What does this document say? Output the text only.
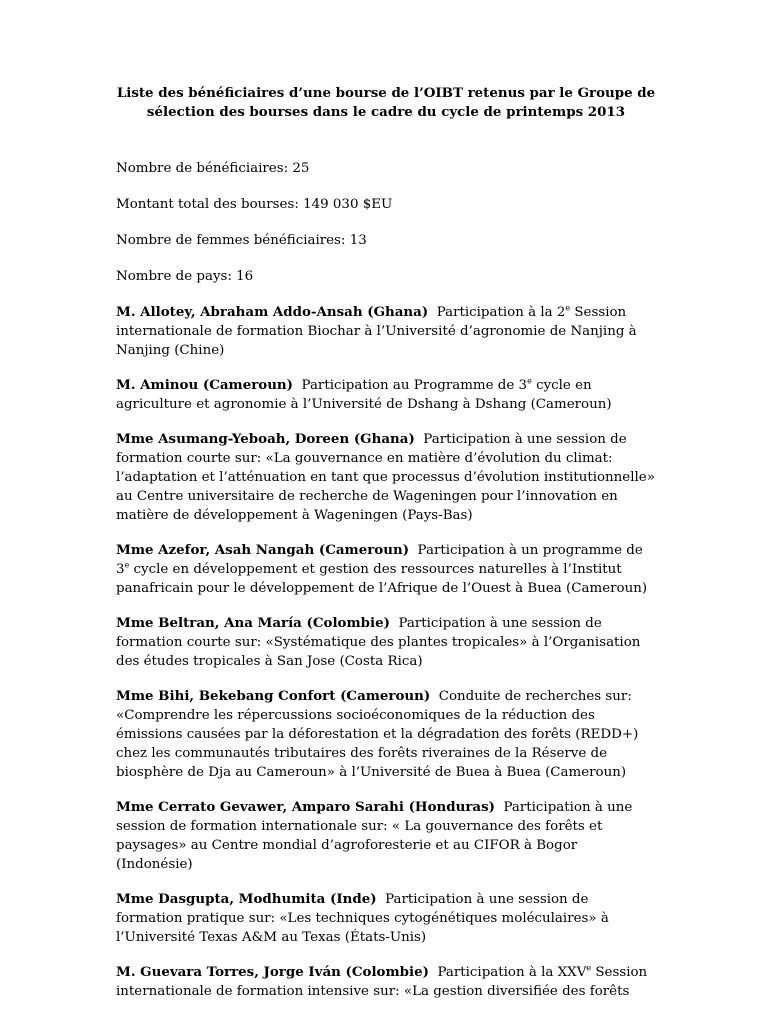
Liste des bénéficiaires d’une bourse de l’OIBT retenus par le Groupe de sélection des bourses dans le cadre du cycle de printemps 2013

Nombre de bénéficiaires: 25

Montant total des bourses: 149 030 $EU

Nombre de femmes bénéficiaires: 13

Nombre de pays: 16

M. Allotey, Abraham Addo-Ansah (Ghana) Participation à la 2e Session internationale de formation Biochar à l’Université d’agronomie de Nanjing à Nanjing (Chine)

M. Aminou (Cameroun) Participation au Programme de 3e cycle en agriculture et agronomie à l’Université de Dshang à Dshang (Cameroun)

Mme Asumang-Yeboah, Doreen (Ghana) Participation à une session de formation courte sur: «La gouvernance en matière d’évolution du climat: l’adaptation et l’atténuation en tant que processus d’évolution institutionnelle» au Centre universitaire de recherche de Wageningen pour l’innovation en matière de développement à Wageningen (Pays-Bas)

Mme Azefor, Asah Nangah (Cameroun) Participation à un programme de 3e cycle en développement et gestion des ressources naturelles à l’Institut panafricain pour le développement de l’Afrique de l’Ouest à Buea (Cameroun)

Mme Beltran, Ana María (Colombie) Participation à une session de formation courte sur: «Systématique des plantes tropicales» à l’Organisation des études tropicales à San Jose (Costa Rica)

Mme Bihi, Bekebang Confort (Cameroun) Conduite de recherches sur: «Comprendre les répercussions socioéconomiques de la réduction des émissions causées par la déforestation et la dégradation des forêts (REDD+) chez les communautés tributaires des forêts riveraines de la Réserve de biosphère de Dja au Cameroun» à l’Université de Buea à Buea (Cameroun)

Mme Cerrato Gevawer, Amparo Sarahi (Honduras) Participation à une session de formation internationale sur: « La gouvernance des forêts et paysages» au Centre mondial d’agroforesterie et au CIFOR à Bogor (Indonésie)

Mme Dasgupta, Modhumita (Inde) Participation à une session de formation pratique sur: «Les techniques cytogénétiques moléculaires» à l’Université Texas A&M au Texas (États-Unis)

M. Guevara Torres, Jorge Iván (Colombie) Participation à la XXVe Session internationale de formation intensive sur: «La gestion diversifiée des forêts
